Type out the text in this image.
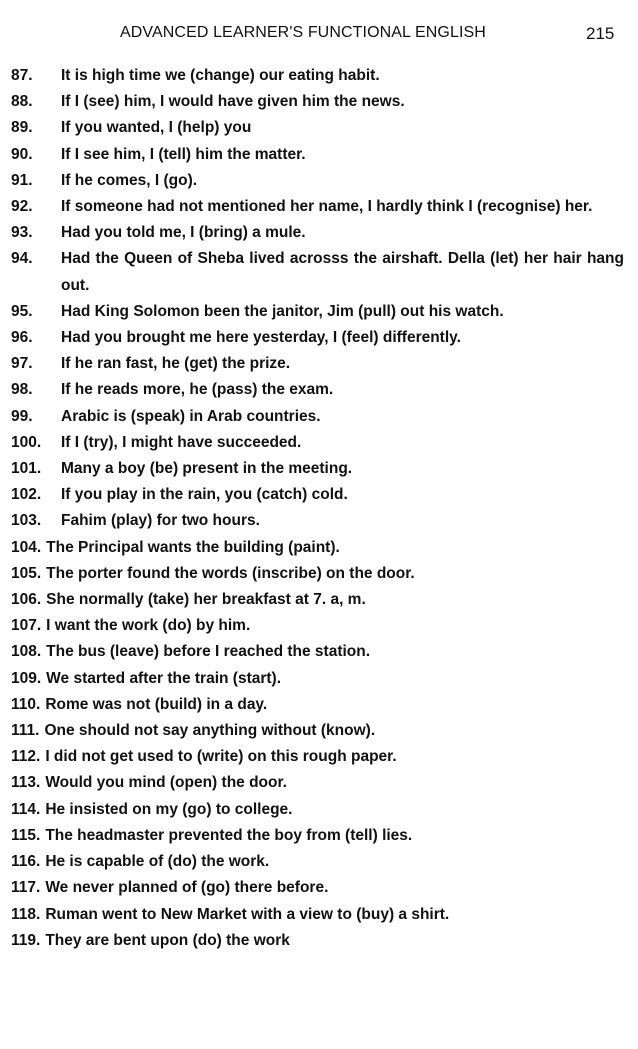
ADVANCED LEARNER'S FUNCTIONAL ENGLISH	215
87.	It is high time we (change) our eating habit.
88.	If I (see) him, I would have given him the news.
89.	If you wanted, I (help) you
90.	If I see him, I (tell) him the matter.
91.	If he comes, I (go).
92.	If someone had not mentioned her name, I hardly think I (recognise) her.
93.	Had you told me, I (bring) a mule.
94.	Had the Queen of Sheba lived acrosss the airshaft. Della (let) her hair hang out.
95.	Had King Solomon been the janitor, Jim (pull) out his watch.
96.	Had you brought me here yesterday, I (feel) differently.
97.	If he ran fast, he (get) the prize.
98.	If he reads more, he (pass) the exam.
99.	Arabic is (speak) in Arab countries.
100.	If I (try), I might have succeeded.
101.	Many a boy (be) present in the meeting.
102.	If you play in the rain, you (catch) cold.
103.	Fahim (play) for two hours.
104. The Principal wants the building (paint).
105. The porter found the words (inscribe) on the door.
106. She normally (take) her breakfast at 7. a, m.
107. I want the work (do) by him.
108. The bus (leave) before I reached the station.
109. We started after the train (start).
110. Rome was not (build) in a day.
111. One should not say anything without (know).
112. I did not get used to (write) on this rough paper.
113. Would you mind (open) the door.
114. He insisted on my (go) to college.
115. The headmaster prevented the boy from (tell) lies.
116. He is capable of (do) the work.
117. We never planned of (go) there before.
118. Ruman went to New Market with a view to (buy) a shirt.
119. They are bent upon (do) the work
